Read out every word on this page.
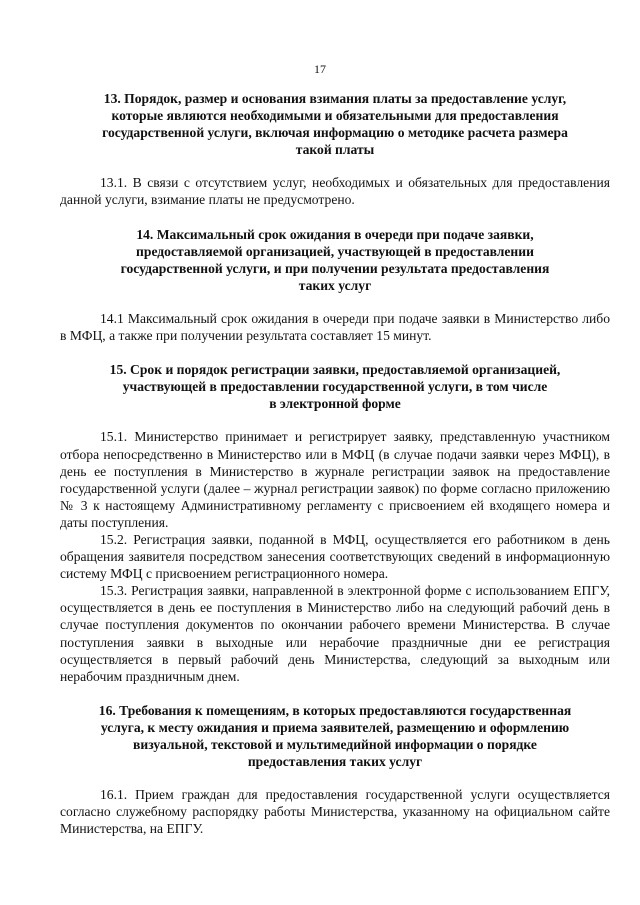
17
13. Порядок, размер и основания взимания платы за предоставление услуг,
которые являются необходимыми и обязательными для предоставления
государственной услуги, включая информацию о методике расчета размера
такой платы

13.1. В связи с отсутствием услуг, необходимых и обязательных для предоставления данной услуги, взимание платы не предусмотрено.

14. Максимальный срок ожидания в очереди при подаче заявки,
предоставляемой организацией, участвующей в предоставлении
государственной услуги, и при получении результата предоставления
таких услуг

14.1 Максимальный срок ожидания в очереди при подаче заявки в Министерство либо в МФЦ, а также при получении результата составляет 15 минут.

15. Срок и порядок регистрации заявки, предоставляемой организацией,
участвующей в предоставлении государственной услуги, в том числе
в электронной форме

15.1. Министерство принимает и регистрирует заявку, представленную участником отбора непосредственно в Министерство или в МФЦ (в случае подачи заявки через МФЦ), в день ее поступления в Министерство в журнале регистрации заявок на предоставление государственной услуги (далее – журнал регистрации заявок) по форме согласно приложению № 3 к настоящему Административному регламенту с присвоением ей входящего номера и даты поступления.

15.2. Регистрация заявки, поданной в МФЦ, осуществляется его работником в день обращения заявителя посредством занесения соответствующих сведений в информационную систему МФЦ с присвоением регистрационного номера.

15.3. Регистрация заявки, направленной в электронной форме с использованием ЕПГУ, осуществляется в день ее поступления в Министерство либо на следующий рабочий день в случае поступления документов по окончании рабочего времени Министерства. В случае поступления заявки в выходные или нерабочие праздничные дни ее регистрация осуществляется в первый рабочий день Министерства, следующий за выходным или нерабочим праздничным днем.

16. Требования к помещениям, в которых предоставляются государственная
услуга, к месту ожидания и приема заявителей, размещению и оформлению
визуальной, текстовой и мультимедийной информации о порядке
предоставления таких услуг

16.1. Прием граждан для предоставления государственной услуги осуществляется согласно служебному распорядку работы Министерства, указанному на официальном сайте Министерства, на ЕПГУ.
